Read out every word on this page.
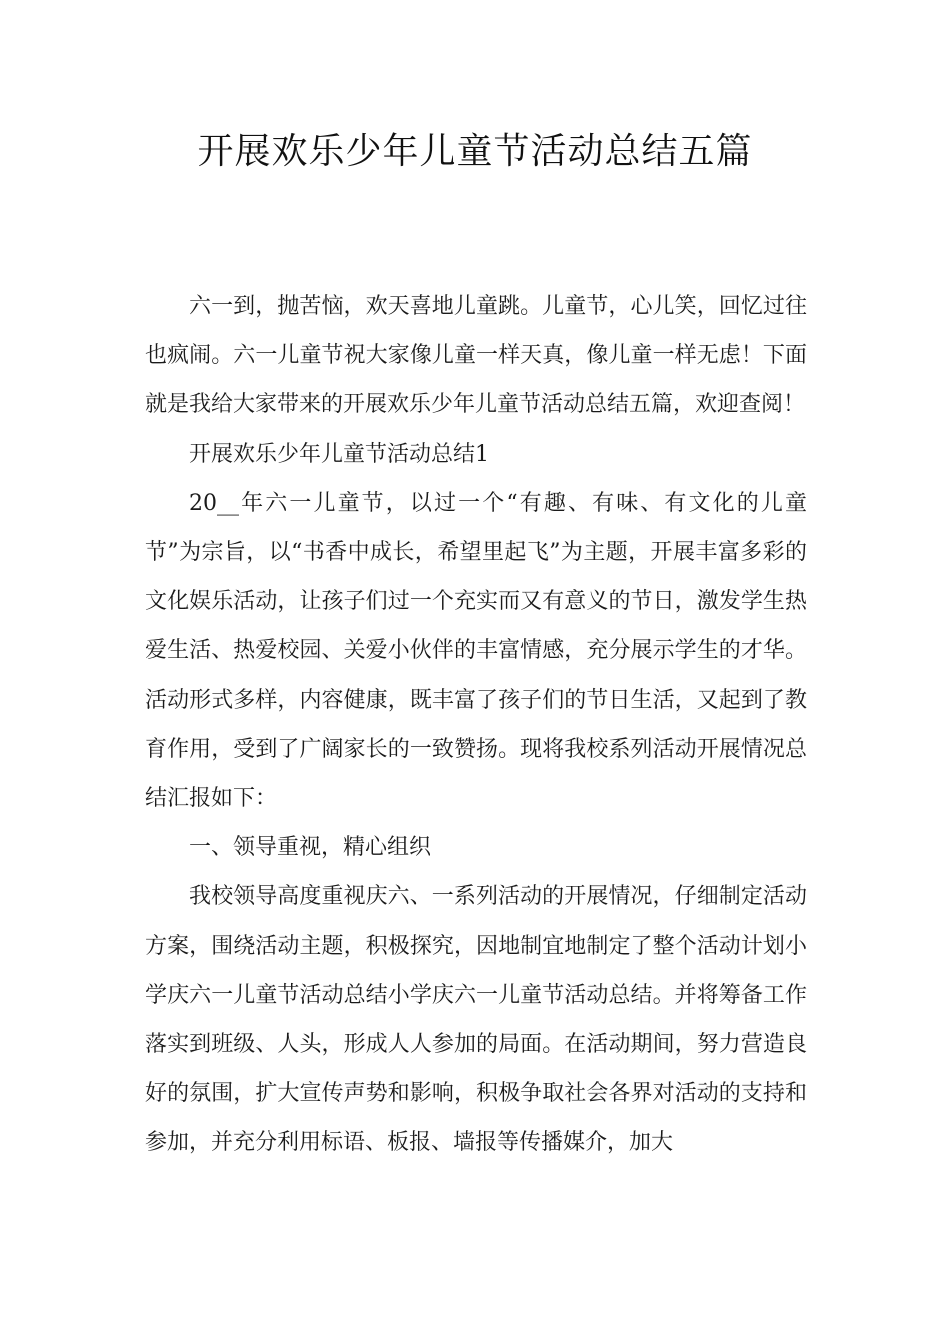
开展欢乐少年儿童节活动总结五篇

六一到，抛苦恼，欢天喜地儿童跳。儿童节，心儿笑，回忆过往也疯闹。六一儿童节祝大家像儿童一样天真，像儿童一样无虑！下面就是我给大家带来的开展欢乐少年儿童节活动总结五篇，欢迎查阅！

开展欢乐少年儿童节活动总结1

20__年六一儿童节，以过一个“有趣、有味、有文化的儿童节”为宗旨，以“书香中成长，希望里起飞”为主题，开展丰富多彩的文化娱乐活动，让孩子们过一个充实而又有意义的节日，激发学生热爱生活、热爱校园、关爱小伙伴的丰富情感，充分展示学生的才华。活动形式多样，内容健康，既丰富了孩子们的节日生活，又起到了教育作用，受到了广阔家长的一致赞扬。现将我校系列活动开展情况总结汇报如下：

一、领导重视，精心组织

我校领导高度重视庆六、一系列活动的开展情况，仔细制定活动方案，围绕活动主题，积极探究，因地制宜地制定了整个活动计划小学庆六一儿童节活动总结小学庆六一儿童节活动总结。并将筹备工作落实到班级、人头，形成人人参加的局面。在活动期间，努力营造良好的氛围，扩大宣传声势和影响，积极争取社会各界对活动的支持和参加，并充分利用标语、板报、墙报等传播媒介，加大
